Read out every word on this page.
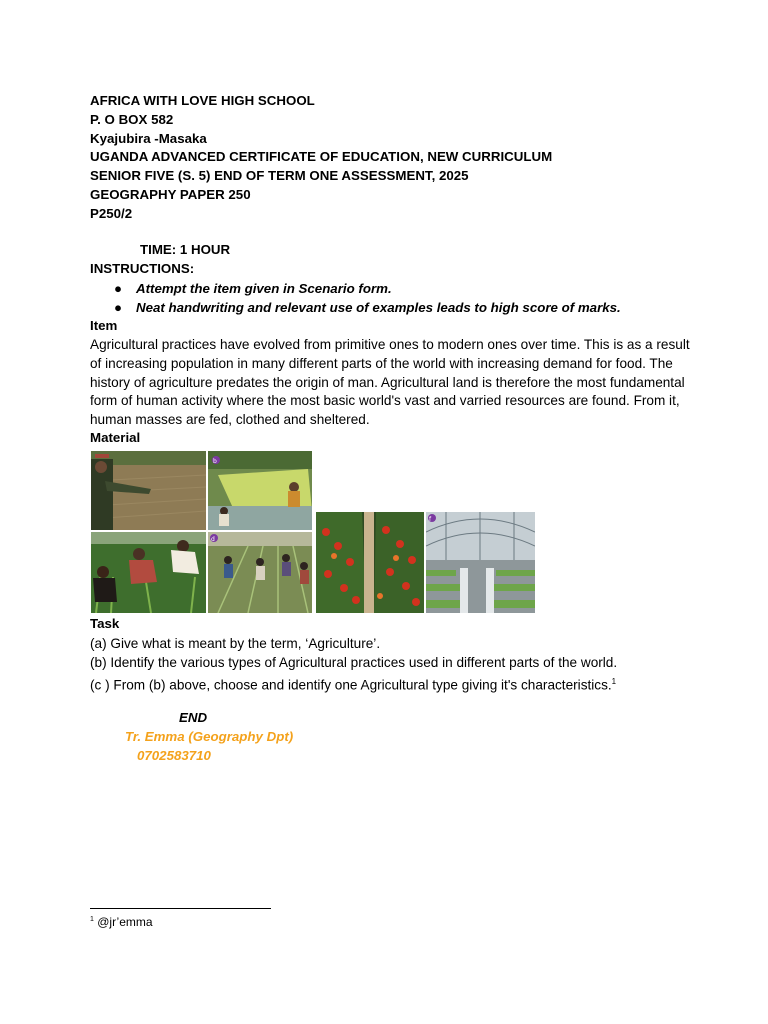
AFRICA WITH LOVE HIGH SCHOOL
P. O BOX 582
Kyajubira -Masaka
UGANDA ADVANCED CERTIFICATE OF EDUCATION, NEW CURRICULUM
SENIOR FIVE (S. 5) END OF TERM ONE ASSESSMENT, 2025
GEOGRAPHY PAPER 250
P250/2
TIME: 1 HOUR
INSTRUCTIONS:
● Attempt the item given in Scenario form.
● Neat handwriting and relevant use of examples leads to high score of marks.
Item
Agricultural practices have evolved from primitive ones to modern ones over time. This is as a result of increasing population in many different parts of the world with increasing demand for food. The history of agriculture predates the origin of man. Agricultural land is therefore the most fundamental form of human activity where the most basic world's vast and varried resources are found. From it, human masses are fed, clothed and sheltered.
Material
b
d
f
Task
(a) Give what is meant by the term, ‘Agriculture’.
(b) Identify the various types of Agricultural practices used in different parts of the world.
(c ) From (b) above, choose and identify one Agricultural type giving it's characteristics.$^1$
END
Tr. Emma (Geography Dpt)
0702583710
$^1$ @jr’emma
